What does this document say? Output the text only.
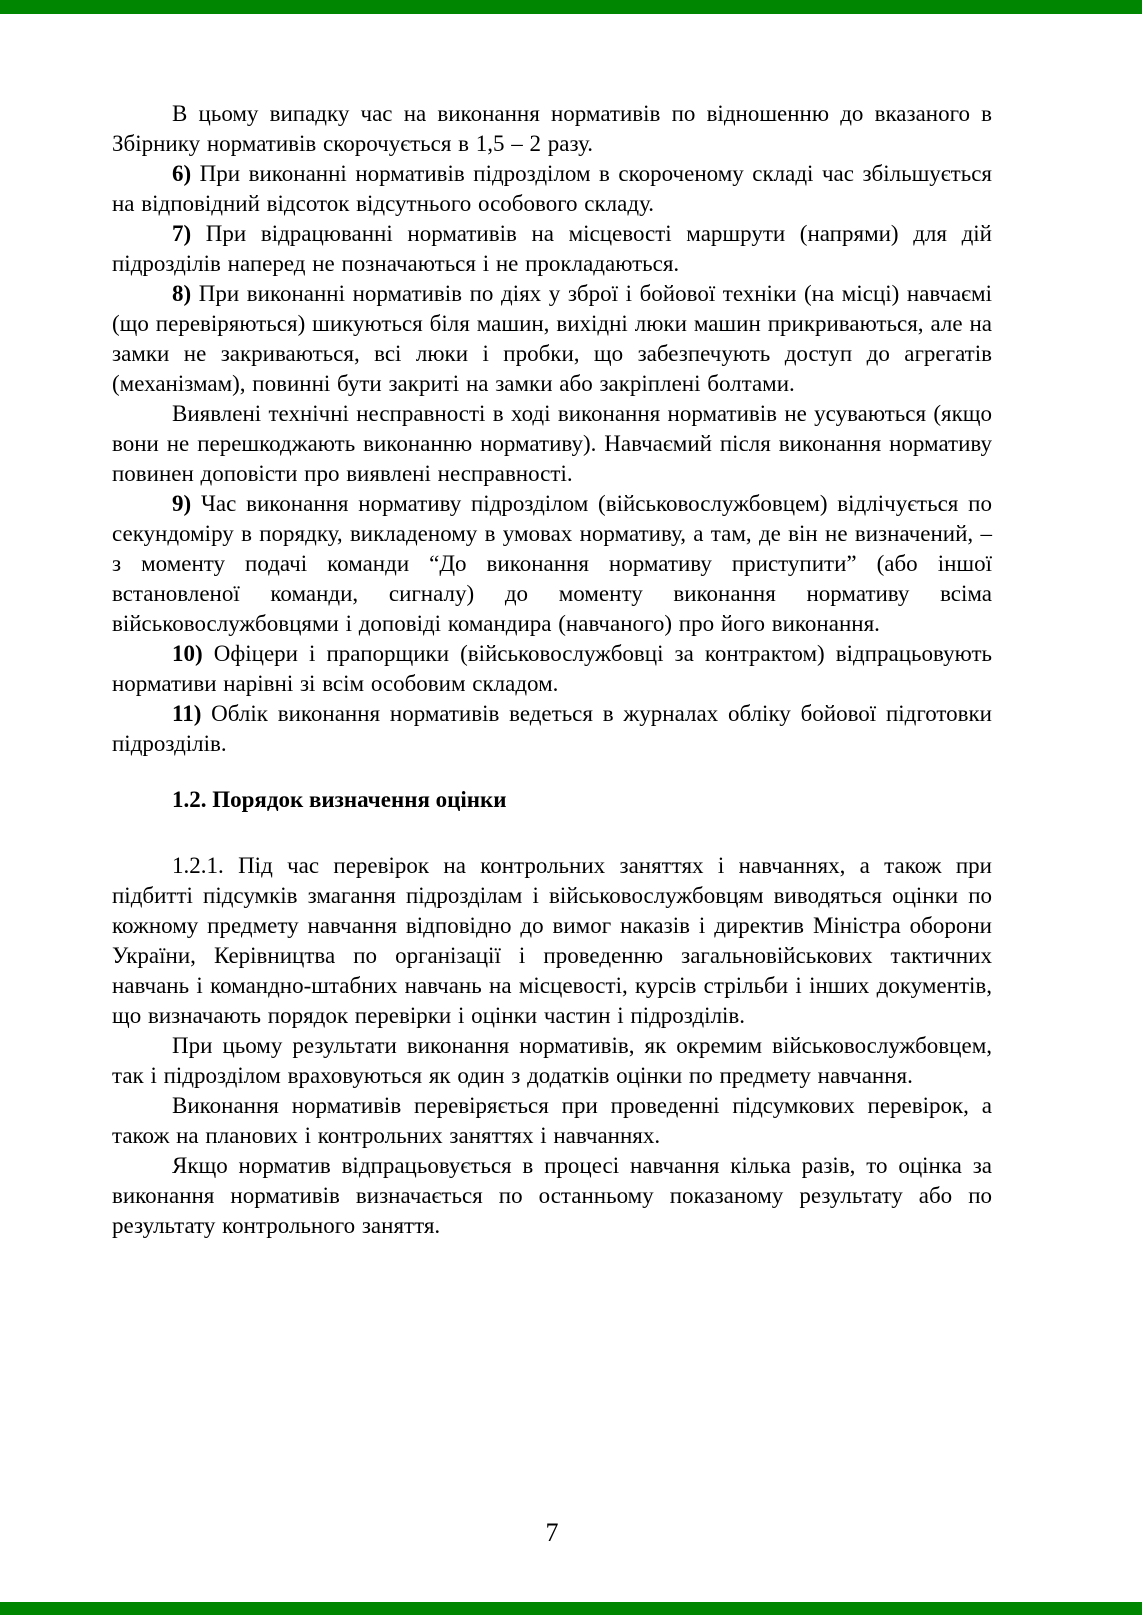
В цьому випадку час на виконання нормативів по відношенню до вказаного в Збірнику нормативів скорочується в 1,5 – 2 разу.

6) При виконанні нормативів підрозділом в скороченому складі час збільшується на відповідний відсоток відсутнього особового складу.

7) При відрацюванні нормативів на місцевості маршрути (напрями) для дій підрозділів наперед не позначаються і не прокладаються.

8) При виконанні нормативів по діях у зброї і бойової техніки (на місці) навчаємі (що перевіряються) шикуються біля машин, вихідні люки машин прикриваються, але на замки не закриваються, всі люки і пробки, що забезпечують доступ до агрегатів (механізмам), повинні бути закриті на замки або закріплені болтами.

Виявлені технічні несправності в ході виконання нормативів не усуваються (якщо вони не перешкоджають виконанню нормативу). Навчаємий після виконання нормативу повинен доповісти про виявлені несправності.

9) Час виконання нормативу підрозділом (військовослужбовцем) відлічується по секундоміру в порядку, викладеному в умовах нормативу, а там, де він не визначений, – з моменту подачі команди “До виконання нормативу приступити” (або іншої встановленої команди, сигналу) до моменту виконання нормативу всіма військовослужбовцями і доповіді командира (навчаного) про його виконання.

10) Офіцери і прапорщики (військовослужбовці за контрактом) відпрацьовують нормативи нарівні зі всім особовим складом.

11) Облік виконання нормативів ведеться в журналах обліку бойової підготовки підрозділів.

1.2. Порядок визначення оцінки

1.2.1. Під час перевірок на контрольних заняттях і навчаннях, а також при підбитті підсумків змагання підрозділам і військовослужбовцям виводяться оцінки по кожному предмету навчання відповідно до вимог наказів і директив Міністра оборони України, Керівництва по організації і проведенню загальновійськових тактичних навчань і командно-штабних навчань на місцевості, курсів стрільби і інших документів, що визначають порядок перевірки і оцінки частин і підрозділів.

При цьому результати виконання нормативів, як окремим військовослужбовцем, так і підрозділом враховуються як один з додатків оцінки по предмету навчання.

Виконання нормативів перевіряється при проведенні підсумкових перевірок, а також на планових і контрольних заняттях і навчаннях.

Якщо норматив відпрацьовується в процесі навчання кілька разів, то оцінка за виконання нормативів визначається по останньому показаному результату або по результату контрольного заняття.

7
